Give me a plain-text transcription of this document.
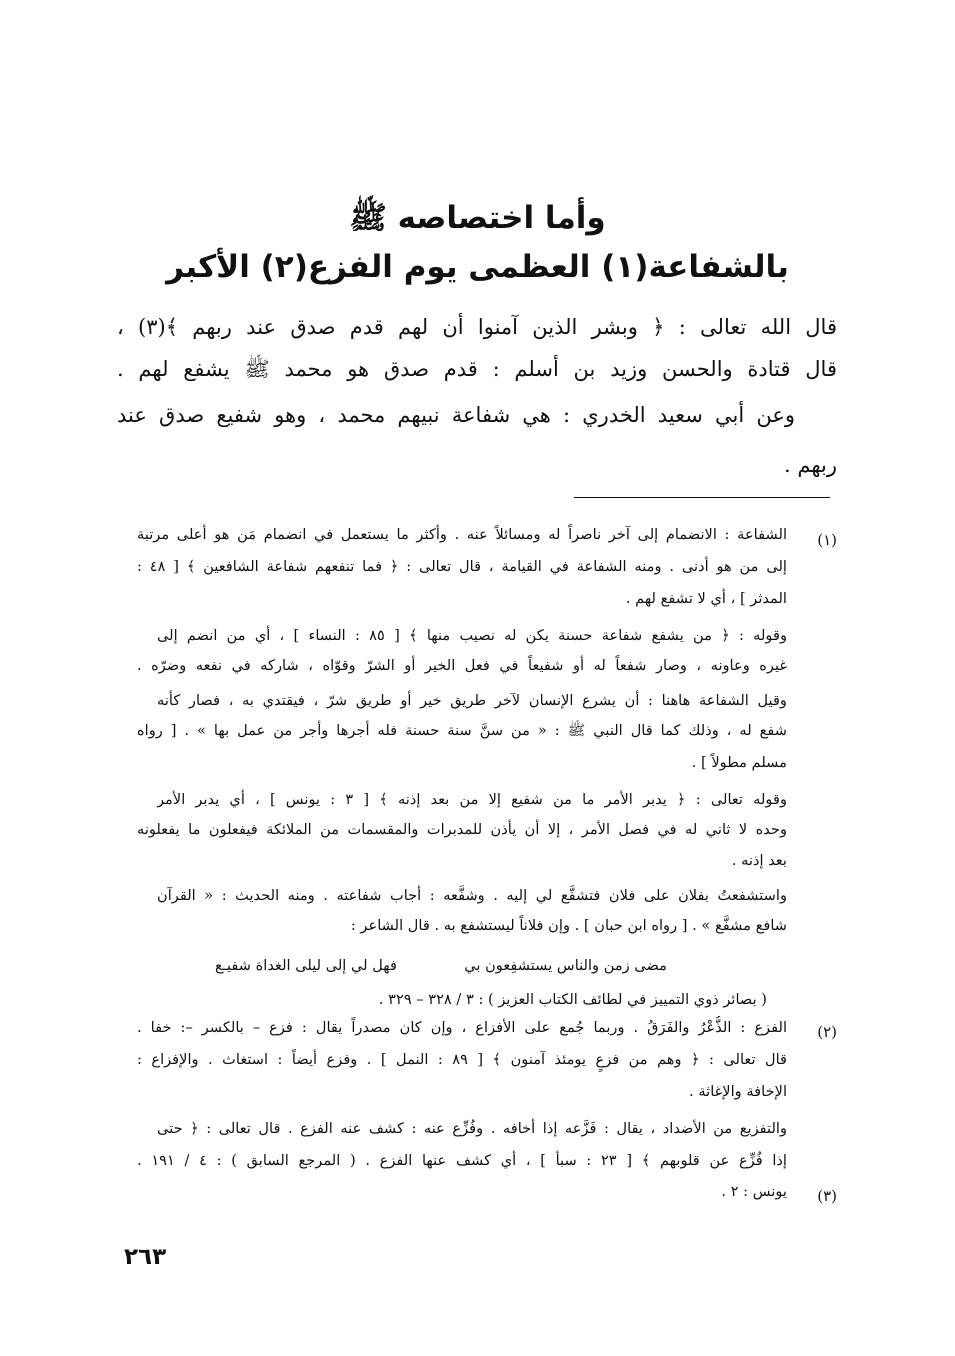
وأما اختصاصه ﷺ
بالشفاعة(١) العظمى يوم الفزع(٢) الأكبر
قال الله تعالى : ﴿ وبشر الذين آمنوا أن لهم قدم صدق عند ربهم ﴾(٣) ،
قال قتادة والحسن وزيد بن أسلم : قدم صدق هو محمد ﷺ يشفع لهم .
وعن أبي سعيد الخدري : هي شفاعة نبيهم محمد ، وهو شفيع صدق عند
ربهم .
(١)
الشفاعة : الانضمام إلى آخر ناصراً له ومسائلاً عنه . وأكثر ما يستعمل في انضمام مَن هو أعلى مرتبة
إلى من هو أدنى . ومنه الشفاعة في القيامة ، قال تعالى : ﴿ فما تنفعهم شفاعة الشافعين ﴾ [ ٤٨ :
المدثر ] ، أي لا تشفع لهم .
وقوله : ﴿ من يشفع شفاعة حسنة يكن له نصيب منها ﴾ [ ٨٥ : النساء ] ، أي من انضم إلى
غيره وعاونه ، وصار شفعاً له أو شفيعاً في فعل الخير أو الشرّ وقوّاه ، شاركه في نفعه وضرّه .
وقيل الشفاعة هاهنا : أن يشرع الإنسان لآخر طريق خير أو طريق شرّ ، فيقتدي به ، فصار كأنه
شفع له ، وذلك كما قال النبي ﷺ : « من سنَّ سنة حسنة فله أجرها وأجر من عمل بها » . [ رواه
مسلم مطولاً ] .
وقوله تعالى : ﴿ يدبر الأمر ما من شفيع إلا من بعد إذنه ﴾ [ ٣ : يونس ] ، أي يدبر الأمر
وحده لا ثاني له في فصل الأمر ، إلا أن يأذن للمدبرات والمقسمات من الملائكة فيفعلون ما يفعلونه
بعد إذنه .
واستشفعتُ بفلان على فلان فتشفَّع لي إليه . وشفَّعه : أجاب شفاعته . ومنه الحديث : « القرآن
شافع مشفَّع » . [ رواه ابن حبان ] . وإن فلاناً ليستشفع به . قال الشاعر :
مضى زمن والناس يستشفِعون بي
فهل لي إلى ليلى الغداة شفيـع
( بصائر ذوي التمييز في لطائف الكتاب العزيز ) : ٣ / ٣٢٨ – ٣٢٩ .
(٢)
الفزع : الذُّعْرُ والفَرَقُ . وربما جُمع على الأفزاع ، وإن كان مصدراً يقال : فزع – بالكسر –: خفا .
قال تعالى : ﴿ وهم من فزعٍ يومئذ آمنون ﴾ [ ٨٩ : النمل ] . وفزع أيضاً : استغاث . والإفزاع :
الإخافة والإغاثة .
والتفزيع من الأضداد ، يقال : فَزَّعه إذا أخافه . وفُزِّع عنه : كشف عنه الفزع . قال تعالى : ﴿ حتى
إذا فُزِّع عن قلوبهم ﴾ [ ٢٣ : سبأ ] ، أي كشف عنها الفزع . ( المرجع السابق ) : ٤ / ١٩١ .
(٣)
يونس : ٢ .
٢٦٣
